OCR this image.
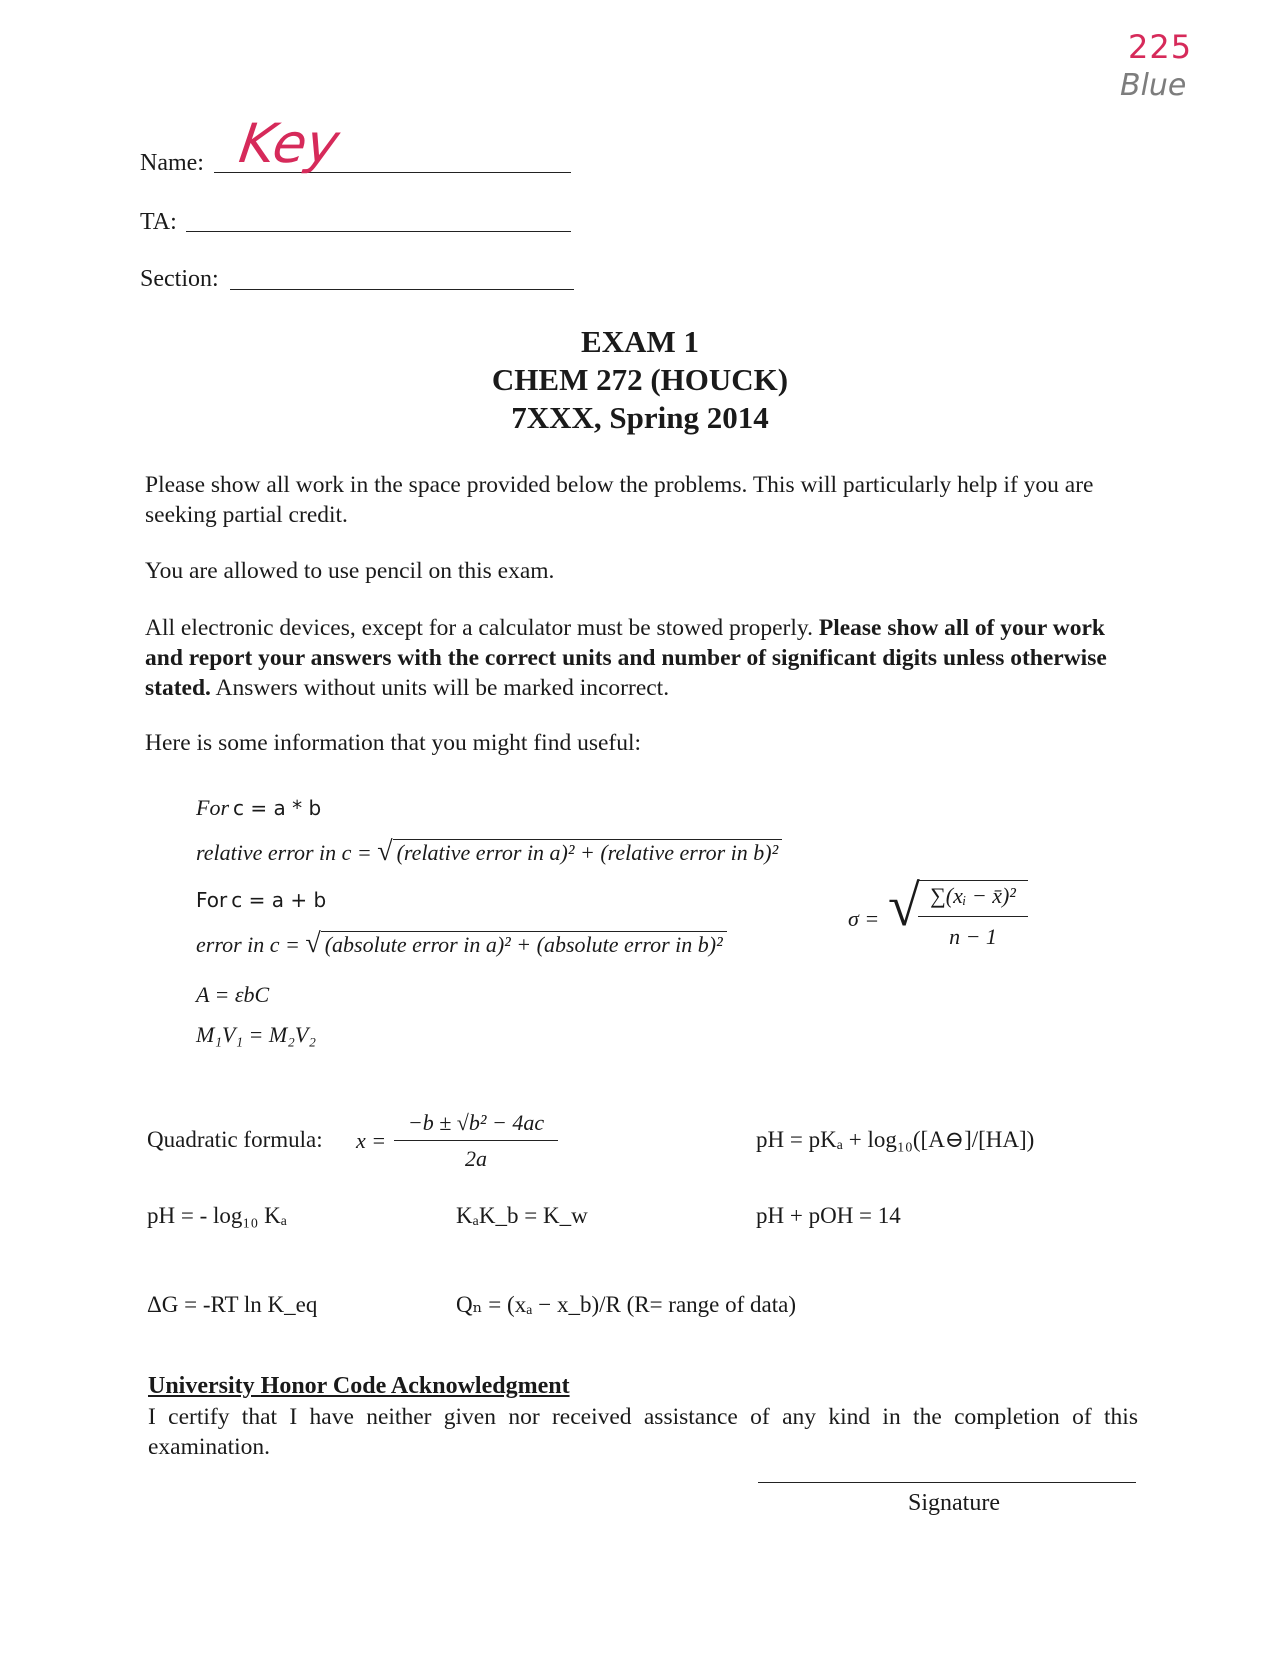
225
Blue
Name: Key
TA:
Section:
EXAM 1
CHEM 272 (HOUCK)
7XXX, Spring 2014
Please show all work in the space provided below the problems. This will particularly help if you are seeking partial credit.
You are allowed to use pencil on this exam.
All electronic devices, except for a calculator must be stowed properly. Please show all of your work and report your answers with the correct units and number of significant digits unless otherwise stated. Answers without units will be marked incorrect.
Here is some information that you might find useful:
For c = a * b
relative error in c = √ (relative error in a)² + (relative error in b)²
For c = a + b
error in c = √ (absolute error in a)² + (absolute error in b)²
A = εbC
M₁V₁ = M₂V₂
σ = √ ∑(xᵢ − x̄)²
n − 1
Quadratic formula: x =
−b ± √b² − 4ac
2a
pH = pKₐ + log₁₀([A⊖]/[HA])
pH = - log₁₀ Kₐ	KₐK_b = K_w	pH + pOH = 14
ΔG = -RT ln K_eq	Qₙ = (xₐ − x_b)/R (R= range of data)
University Honor Code Acknowledgment
I certify that I have neither given nor received assistance of any kind in the completion of this examination.
Signature
